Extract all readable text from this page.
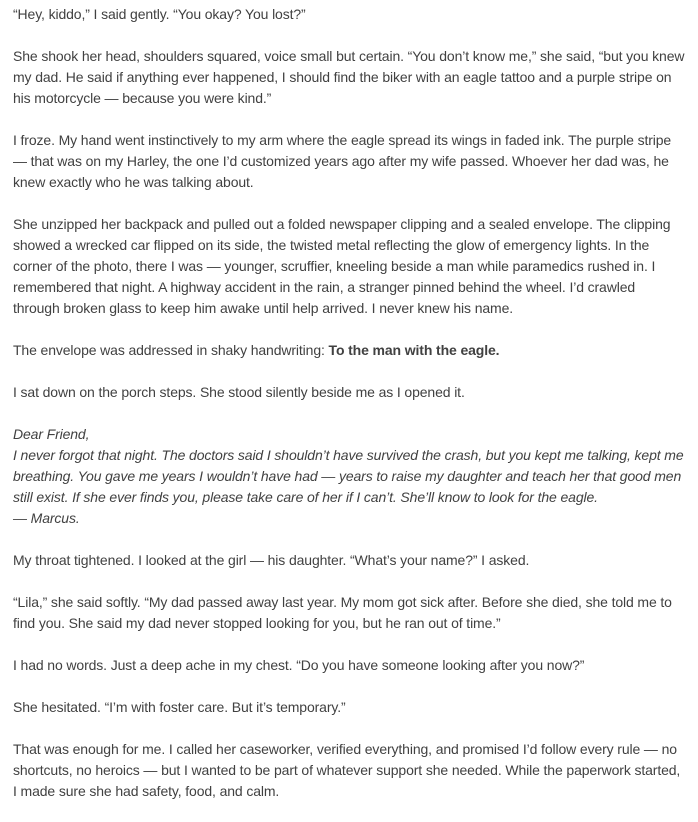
“Hey, kiddo,” I said gently. “You okay? You lost?”

She shook her head, shoulders squared, voice small but certain. “You don’t know me,” she said, “but you knew my dad. He said if anything ever happened, I should find the biker with an eagle tattoo and a purple stripe on his motorcycle — because you were kind.”

I froze. My hand went instinctively to my arm where the eagle spread its wings in faded ink. The purple stripe — that was on my Harley, the one I’d customized years ago after my wife passed. Whoever her dad was, he knew exactly who he was talking about.

She unzipped her backpack and pulled out a folded newspaper clipping and a sealed envelope. The clipping showed a wrecked car flipped on its side, the twisted metal reflecting the glow of emergency lights. In the corner of the photo, there I was — younger, scruffier, kneeling beside a man while paramedics rushed in. I remembered that night. A highway accident in the rain, a stranger pinned behind the wheel. I’d crawled through broken glass to keep him awake until help arrived. I never knew his name.

The envelope was addressed in shaky handwriting: To the man with the eagle.

I sat down on the porch steps. She stood silently beside me as I opened it.

Dear Friend,
I never forgot that night. The doctors said I shouldn’t have survived the crash, but you kept me talking, kept me breathing. You gave me years I wouldn’t have had — years to raise my daughter and teach her that good men still exist. If she ever finds you, please take care of her if I can’t. She’ll know to look for the eagle.
— Marcus.

My throat tightened. I looked at the girl — his daughter. “What’s your name?” I asked.

“Lila,” she said softly. “My dad passed away last year. My mom got sick after. Before she died, she told me to find you. She said my dad never stopped looking for you, but he ran out of time.”

I had no words. Just a deep ache in my chest. “Do you have someone looking after you now?”

She hesitated. “I’m with foster care. But it’s temporary.”

That was enough for me. I called her caseworker, verified everything, and promised I’d follow every rule — no shortcuts, no heroics — but I wanted to be part of whatever support she needed. While the paperwork started, I made sure she had safety, food, and calm.
